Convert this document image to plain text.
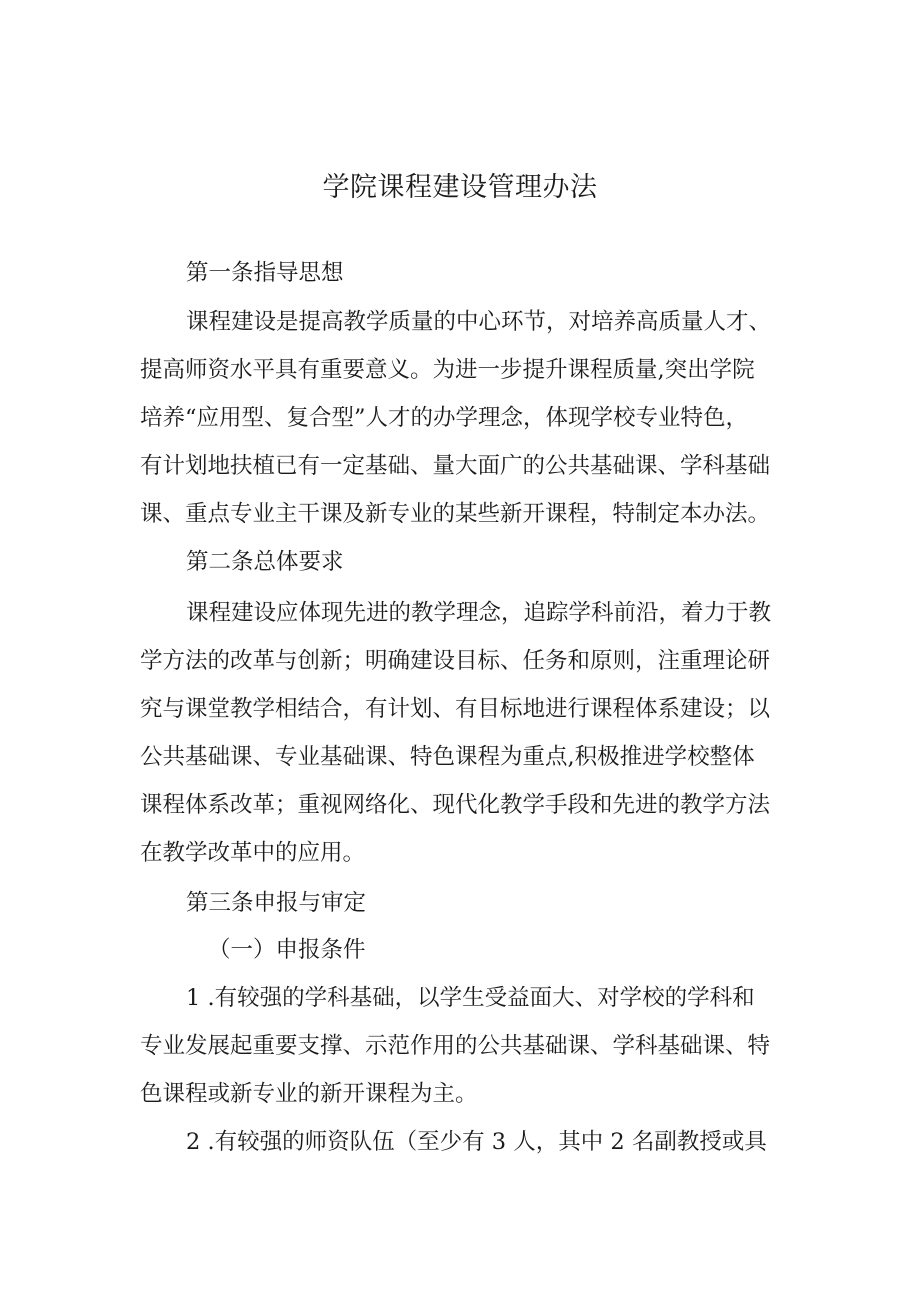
学院课程建设管理办法

第一条指导思想

课程建设是提高教学质量的中心环节，对培养高质量人才、

提高师资水平具有重要意义。为进一步提升课程质量,突出学院

培养“应用型、复合型”人才的办学理念，体现学校专业特色，

有计划地扶植已有一定基础、量大面广的公共基础课、学科基础

课、重点专业主干课及新专业的某些新开课程，特制定本办法。

第二条总体要求

课程建设应体现先进的教学理念，追踪学科前沿，着力于教

学方法的改革与创新；明确建设目标、任务和原则，注重理论研

究与课堂教学相结合，有计划、有目标地进行课程体系建设；以

公共基础课、专业基础课、特色课程为重点,积极推进学校整体

课程体系改革；重视网络化、现代化教学手段和先进的教学方法

在教学改革中的应用。

第三条申报与审定

（一）申报条件

1 .有较强的学科基础，以学生受益面大、对学校的学科和

专业发展起重要支撑、示范作用的公共基础课、学科基础课、特

色课程或新专业的新开课程为主。

2 .有较强的师资队伍（至少有 3 人，其中 2 名副教授或具
